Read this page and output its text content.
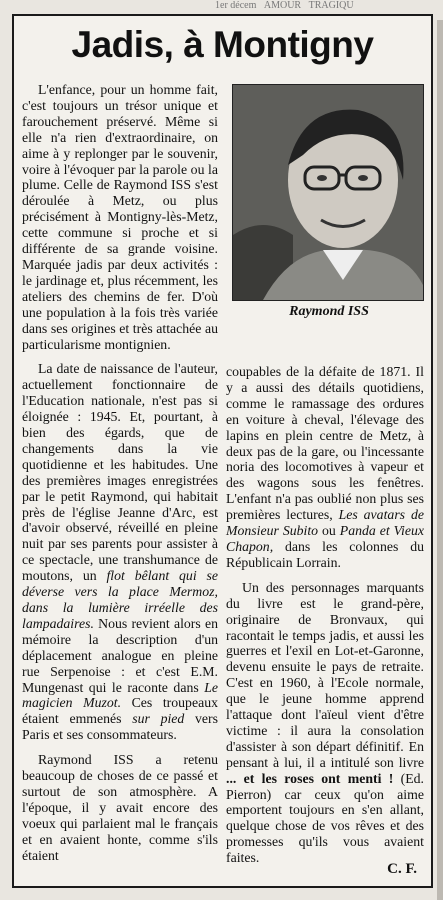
1er décem AMOUR TRAGIQU
Jadis, à Montigny

L'enfance, pour un homme fait, c'est toujours un trésor unique et farouchement préservé. Même si elle n'a rien d'extraordinaire, on aime à y replonger par le souvenir, voire à l'évoquer par la parole ou la plume. Celle de Raymond ISS s'est déroulée à Metz, ou plus précisément à Montigny-lès-Metz, cette commune si proche et si différente de sa grande voisine. Marquée jadis par deux activités : le jardinage et, plus récemment, les ateliers des chemins de fer. D'où une population à la fois très variée dans ses origines et très attachée au particularisme montignien.

La date de naissance de l'auteur, actuellement fonctionnaire de l'Education nationale, n'est pas si éloignée : 1945. Et, pourtant, à bien des égards, que de changements dans la vie quotidienne et les habitudes. Une des premières images enregistrées par le petit Raymond, qui habitait près de l'église Jeanne d'Arc, est d'avoir observé, réveillé en pleine nuit par ses parents pour assister à ce spectacle, une transhumance de moutons, un flot bêlant qui se déverse vers la place Mermoz, dans la lumière irréelle des lampadaires. Nous revient alors en mémoire la description d'un déplacement analogue en pleine rue Serpenoise : et c'est E.M. Mungenast qui le raconte dans Le magicien Muzot. Ces troupeaux étaient emmenés sur pied vers Paris et ses consommateurs.

Raymond ISS a retenu beaucoup de choses de ce passé et surtout de son atmosphère. A l'époque, il y avait encore des voeux qui parlaient mal le français et en avaient honte, comme s'ils étaient

Raymond ISS

coupables de la défaite de 1871. Il y a aussi des détails quotidiens, comme le ramassage des ordures en voiture à cheval, l'élevage des lapins en plein centre de Metz, à deux pas de la gare, ou l'incessante noria des locomotives à vapeur et des wagons sous les fenêtres. L'enfant n'a pas oublié non plus ses premières lectures, Les avatars de Monsieur Subito ou Panda et Vieux Chapon, dans les colonnes du Républicain Lorrain.

Un des personnages marquants du livre est le grand-père, originaire de Bronvaux, qui racontait le temps jadis, et aussi les guerres et l'exil en Lot-et-Garonne, devenu ensuite le pays de retraite. C'est en 1960, à l'Ecole normale, que le jeune homme apprend l'attaque dont l'aïeul vient d'être victime : il aura la consolation d'assister à son départ définitif. En pensant à lui, il a intitulé son livre ... et les roses ont menti ! (Ed. Pierron) car ceux qu'on aime emportent toujours en s'en allant, quelque chose de vos rêves et des promesses qu'ils vous avaient faites.

C. F.
